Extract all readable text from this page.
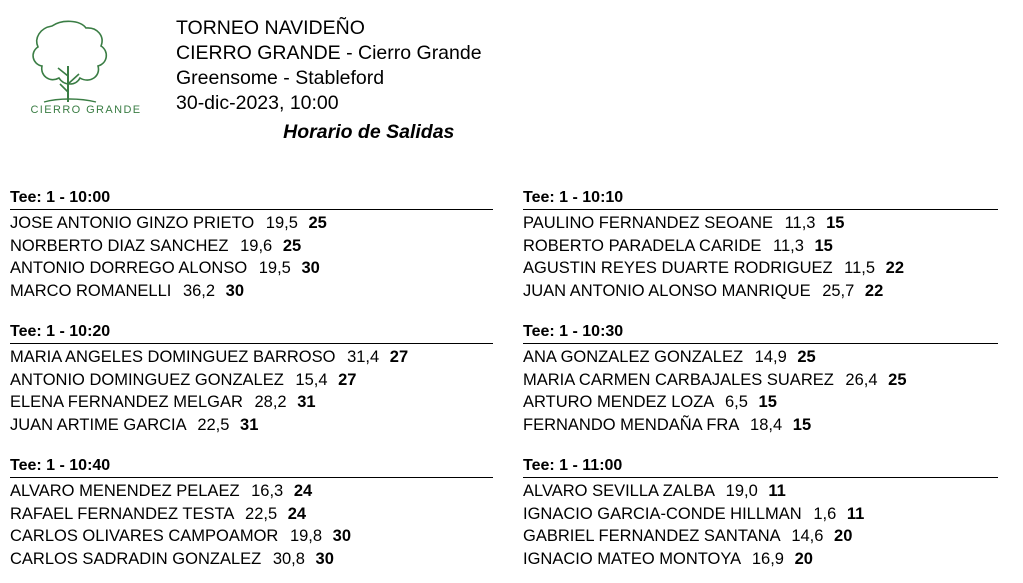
CIERRO GRANDE
TORNEO NAVIDEÑO
CIERRO GRANDE - Cierro Grande
Greensome - Stableford
30-dic-2023, 10:00
Horario de Salidas
Tee: 1 - 10:00
JOSE ANTONIO GINZO PRIETO 19,5 25
NORBERTO DIAZ SANCHEZ 19,6 25
ANTONIO DORREGO ALONSO 19,5 30
MARCO ROMANELLI 36,2 30
Tee: 1 - 10:20
MARIA ANGELES DOMINGUEZ BARROSO 31,4 27
ANTONIO DOMINGUEZ GONZALEZ 15,4 27
ELENA FERNANDEZ MELGAR 28,2 31
JUAN ARTIME GARCIA 22,5 31
Tee: 1 - 10:40
ALVARO MENENDEZ PELAEZ 16,3 24
RAFAEL FERNANDEZ TESTA 22,5 24
CARLOS OLIVARES CAMPOAMOR 19,8 30
CARLOS SADRADIN GONZALEZ 30,8 30
Tee: 1 - 10:10
PAULINO FERNANDEZ SEOANE 11,3 15
ROBERTO PARADELA CARIDE 11,3 15
AGUSTIN REYES DUARTE RODRIGUEZ 11,5 22
JUAN ANTONIO ALONSO MANRIQUE 25,7 22
Tee: 1 - 10:30
ANA GONZALEZ GONZALEZ 14,9 25
MARIA CARMEN CARBAJALES SUAREZ 26,4 25
ARTURO MENDEZ LOZA 6,5 15
FERNANDO MENDAÑA FRA 18,4 15
Tee: 1 - 11:00
ALVARO SEVILLA ZALBA 19,0 11
IGNACIO GARCIA-CONDE HILLMAN 1,6 11
GABRIEL FERNANDEZ SANTANA 14,6 20
IGNACIO MATEO MONTOYA 16,9 20
